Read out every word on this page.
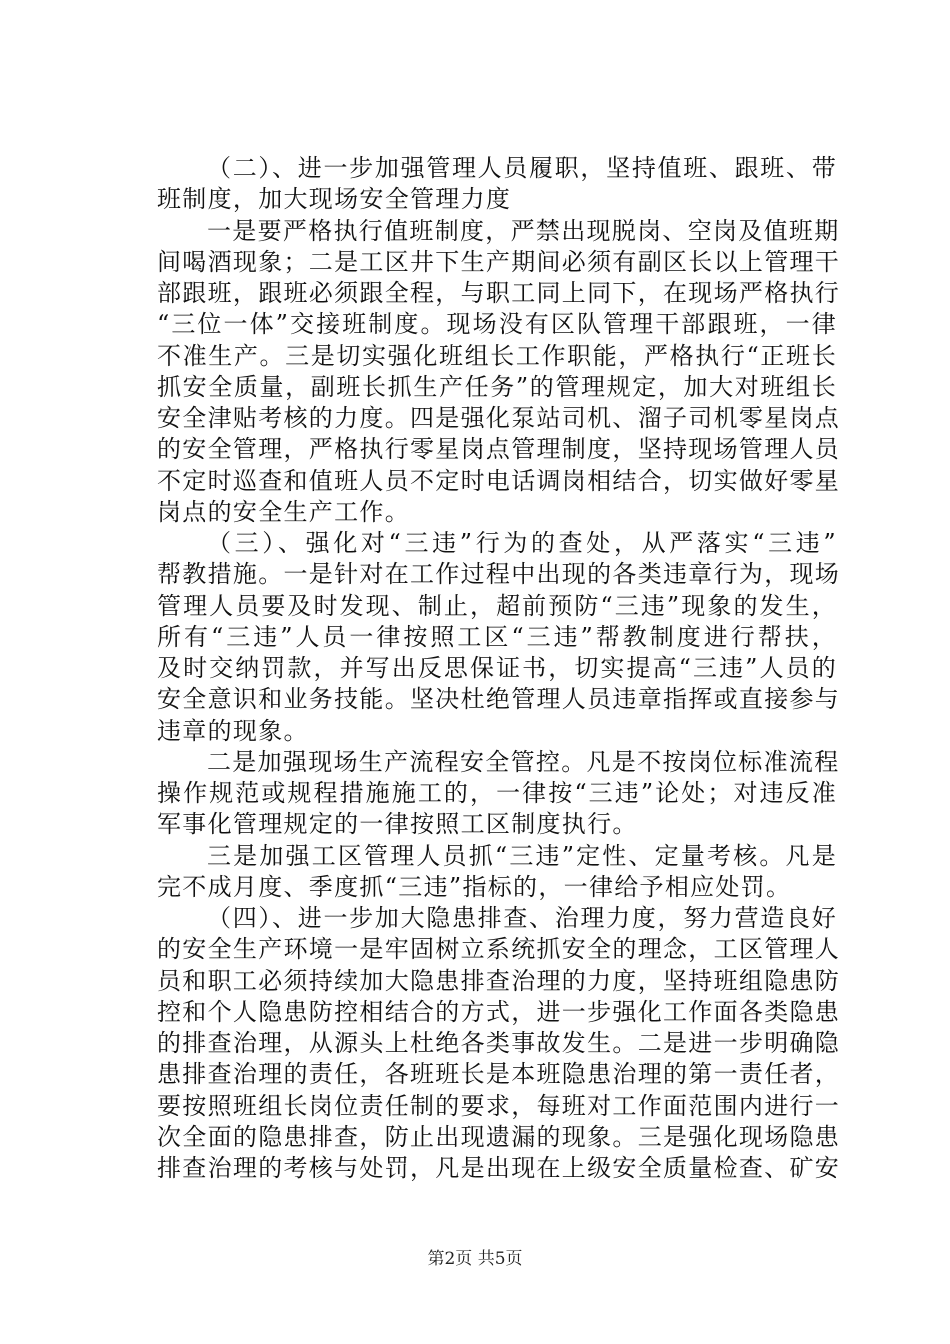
（二）、进一步加强管理人员履职，坚持值班、跟班、带
班制度，加大现场安全管理力度
一是要严格执行值班制度，严禁出现脱岗、空岗及值班期
间喝酒现象；二是工区井下生产期间必须有副区长以上管理干
部跟班，跟班必须跟全程，与职工同上同下，在现场严格执行
“三位一体”交接班制度。现场没有区队管理干部跟班，一律
不准生产。三是切实强化班组长工作职能，严格执行“正班长
抓安全质量，副班长抓生产任务”的管理规定，加大对班组长
安全津贴考核的力度。四是强化泵站司机、溜子司机零星岗点
的安全管理，严格执行零星岗点管理制度，坚持现场管理人员
不定时巡查和值班人员不定时电话调岗相结合，切实做好零星
岗点的安全生产工作。
（三）、强化对“三违”行为的查处，从严落实“三违”
帮教措施。一是针对在工作过程中出现的各类违章行为，现场
管理人员要及时发现、制止，超前预防“三违”现象的发生，
所有“三违”人员一律按照工区“三违”帮教制度进行帮扶，
及时交纳罚款，并写出反思保证书，切实提高“三违”人员的
安全意识和业务技能。坚决杜绝管理人员违章指挥或直接参与
违章的现象。
二是加强现场生产流程安全管控。凡是不按岗位标准流程
操作规范或规程措施施工的，一律按“三违”论处；对违反准
军事化管理规定的一律按照工区制度执行。
三是加强工区管理人员抓“三违”定性、定量考核。凡是
完不成月度、季度抓“三违”指标的，一律给予相应处罚。
（四）、进一步加大隐患排查、治理力度，努力营造良好
的安全生产环境一是牢固树立系统抓安全的理念，工区管理人
员和职工必须持续加大隐患排查治理的力度，坚持班组隐患防
控和个人隐患防控相结合的方式，进一步强化工作面各类隐患
的排查治理，从源头上杜绝各类事故发生。二是进一步明确隐
患排查治理的责任，各班班长是本班隐患治理的第一责任者，
要按照班组长岗位责任制的要求，每班对工作面范围内进行一
次全面的隐患排查，防止出现遗漏的现象。三是强化现场隐患
排查治理的考核与处罚，凡是出现在上级安全质量检查、矿安
第2页 共5页
